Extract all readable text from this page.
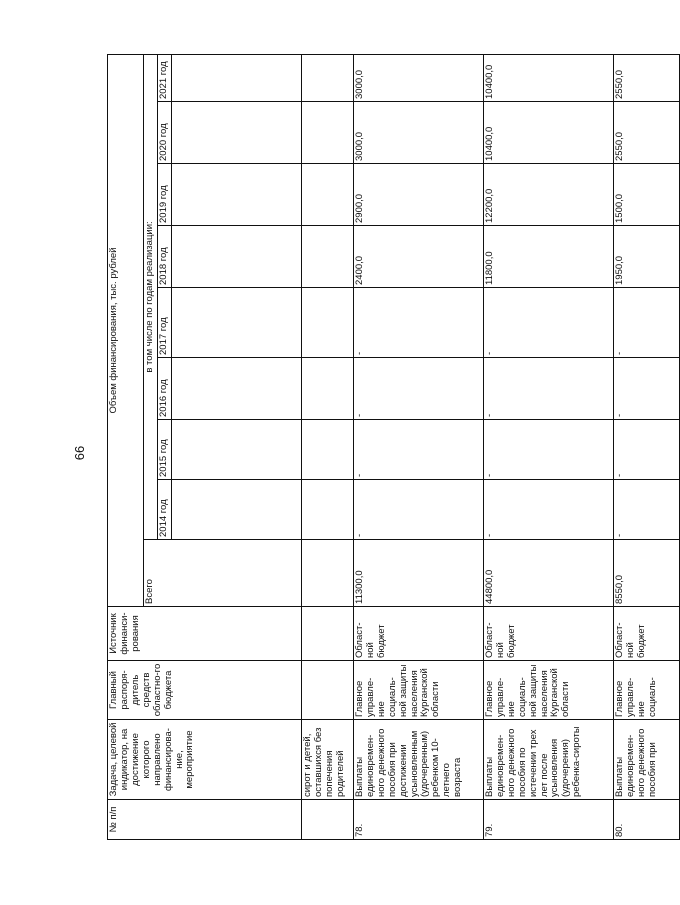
66
№ п/п	Задача, целевой индикатор, на достижение которого направлено финансирова-ние, мероприятие	Главный распоря-дитель средств областно-го бюджета	Источник финанси-рования	Объем финансирования, тыс. рублей								
				Всего	в том числе по годам реализации:							
					2014 год	2015 год	2016 год	2017 год	2018 год	2019 год	2020 год	2021 год

	сирот и детей, оставшихся без попечения родителей											
78.	Выплаты единовремен-ного денежного пособия при достижении усыновленным (удочеренным) ребенком 10-летнего возраста	Главное управле-ние социаль-ной защиты населения Курганской области	Област-ной бюджет	11300,0	-	-	-	-	2400,0	2900,0	3000,0	3000,0
79.	Выплаты единовремен-ного денежного пособия по истечении трех лет после усыновления (удочерения) ребенка-сироты	Главное управле-ние социаль-ной защиты населения Курганской области	Област-ной бюджет	44800,0	-	-	-	-	11800,0	12200,0	10400,0	10400,0
80.	Выплаты единовремен-ного денежного пособия при	Главное управле-ние социаль-	Област-ной бюджет	8550,0	-	-	-	-	1950,0	1500,0	2550,0	2550,0
